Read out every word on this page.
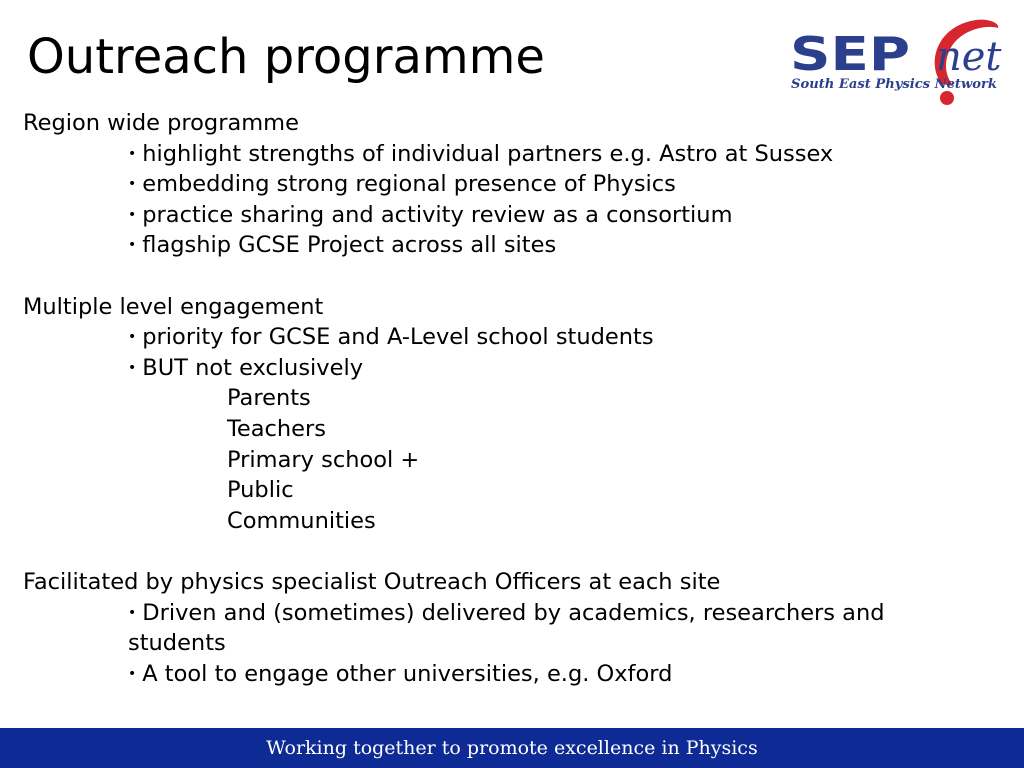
Outreach programme	SEP net
South East Physics Network
Region wide programme
• highlight strengths of individual partners e.g. Astro at Sussex
• embedding strong regional presence of Physics
• practice sharing and activity review as a consortium
• flagship GCSE Project across all sites
Multiple level engagement
• priority for GCSE and A-Level school students
• BUT not exclusively
Parents
Teachers
Primary school +
Public
Communities
Facilitated by physics specialist Outreach Officers at each site
• Driven and (sometimes) delivered by academics, researchers and students
• A tool to engage other universities, e.g. Oxford
Working together to promote excellence in Physics
